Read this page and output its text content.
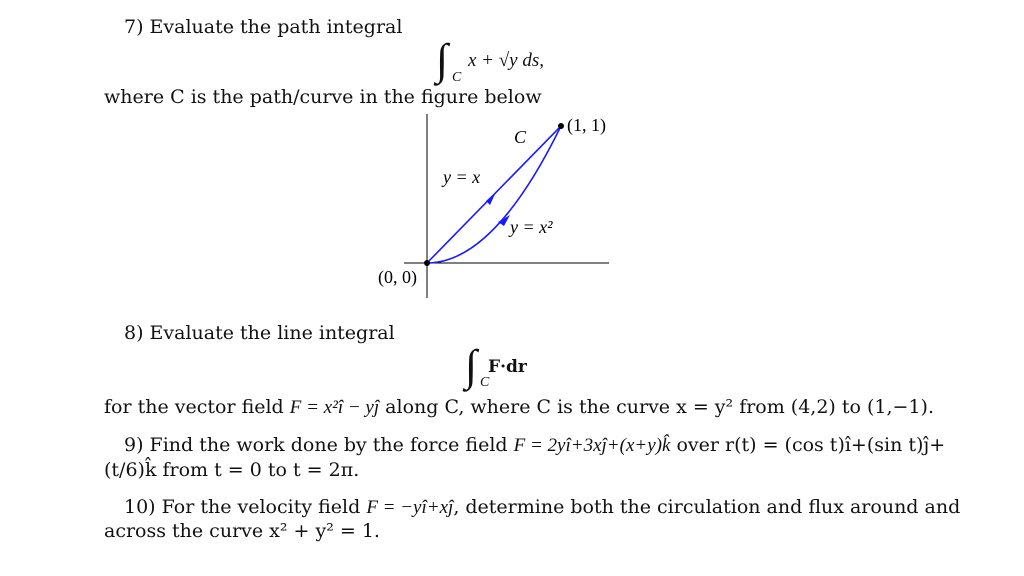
7) Evaluate the path integral
∫ C
x + √y ds,
where C is the path/curve in the figure below
C
(1, 1)
y = x
y = x²
(0, 0)
8) Evaluate the line integral
∫ C
F·dr
for the vector field F = x²î − yĵ along C, where C is the curve x = y² from (4,2) to (1,−1).
9) Find the work done by the force field F = 2yî+3xĵ+(x+y)k̂ over r(t) = (cos t)î+(sin t)ĵ+
(t/6)k̂ from t = 0 to t = 2π.
10) For the velocity field F = −yî+xĵ, determine both the circulation and flux around and
across the curve x² + y² = 1.
